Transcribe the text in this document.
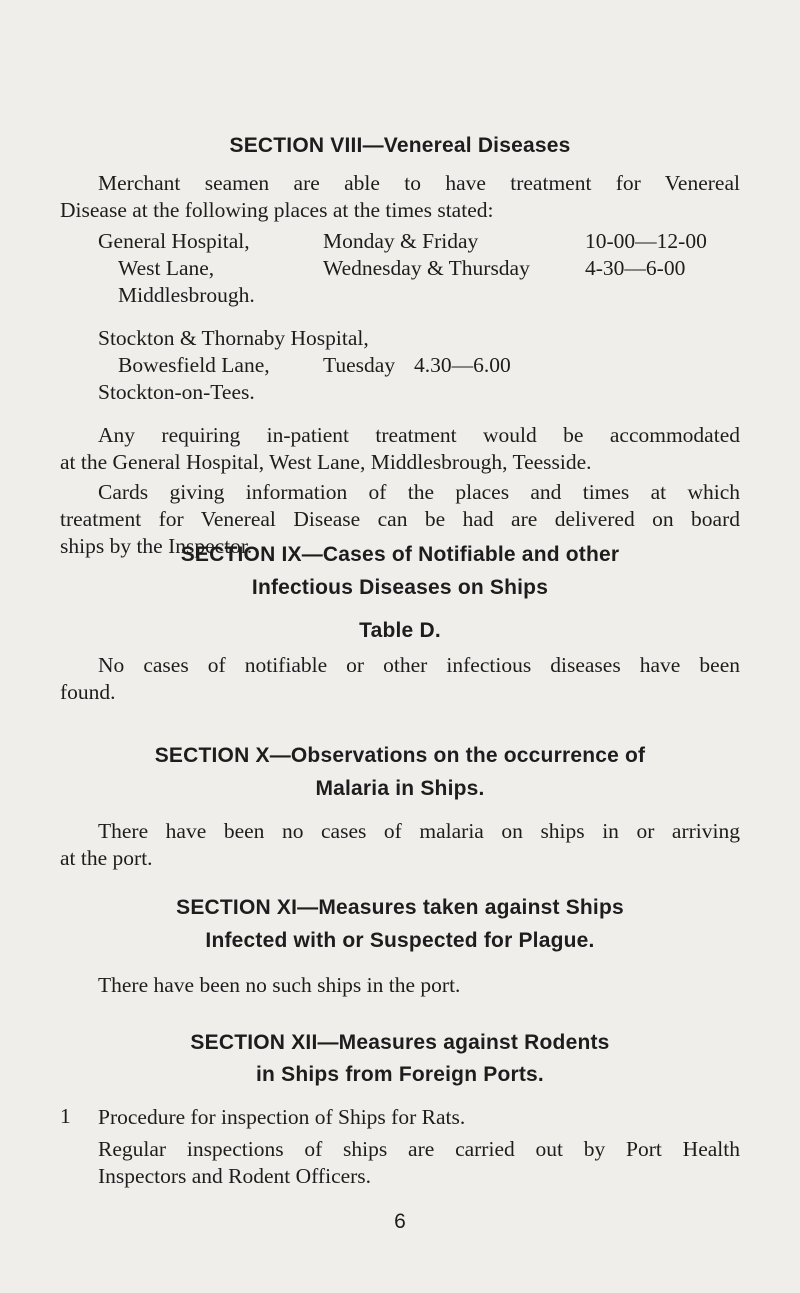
SECTION VIII—Venereal Diseases
Merchant seamen are able to have treatment for Venereal
Disease at the following places at the times stated:
General Hospital,
West Lane,
Middlesbrough.
Monday & Friday
Wednesday & Thursday
10-00—12-00
4-30—6-00
Stockton & Thornaby Hospital,
Bowesfield Lane,
Stockton-on-Tees.
Tuesday 4.30—6.00
Any requiring in-patient treatment would be accommodated
at the General Hospital, West Lane, Middlesbrough, Teesside.
Cards giving information of the places and times at which
treatment for Venereal Disease can be had are delivered on board
ships by the Inspector.
SECTION IX—Cases of Notifiable and other
Infectious Diseases on Ships
Table D.
No cases of notifiable or other infectious diseases have been
found.
SECTION X—Observations on the occurrence of
Malaria in Ships.
There have been no cases of malaria on ships in or arriving
at the port.
SECTION XI—Measures taken against Ships
Infected with or Suspected for Plague.
There have been no such ships in the port.
SECTION XII—Measures against Rodents
in Ships from Foreign Ports.
1 Procedure for inspection of Ships for Rats.
Regular inspections of ships are carried out by Port Health
Inspectors and Rodent Officers.
6
